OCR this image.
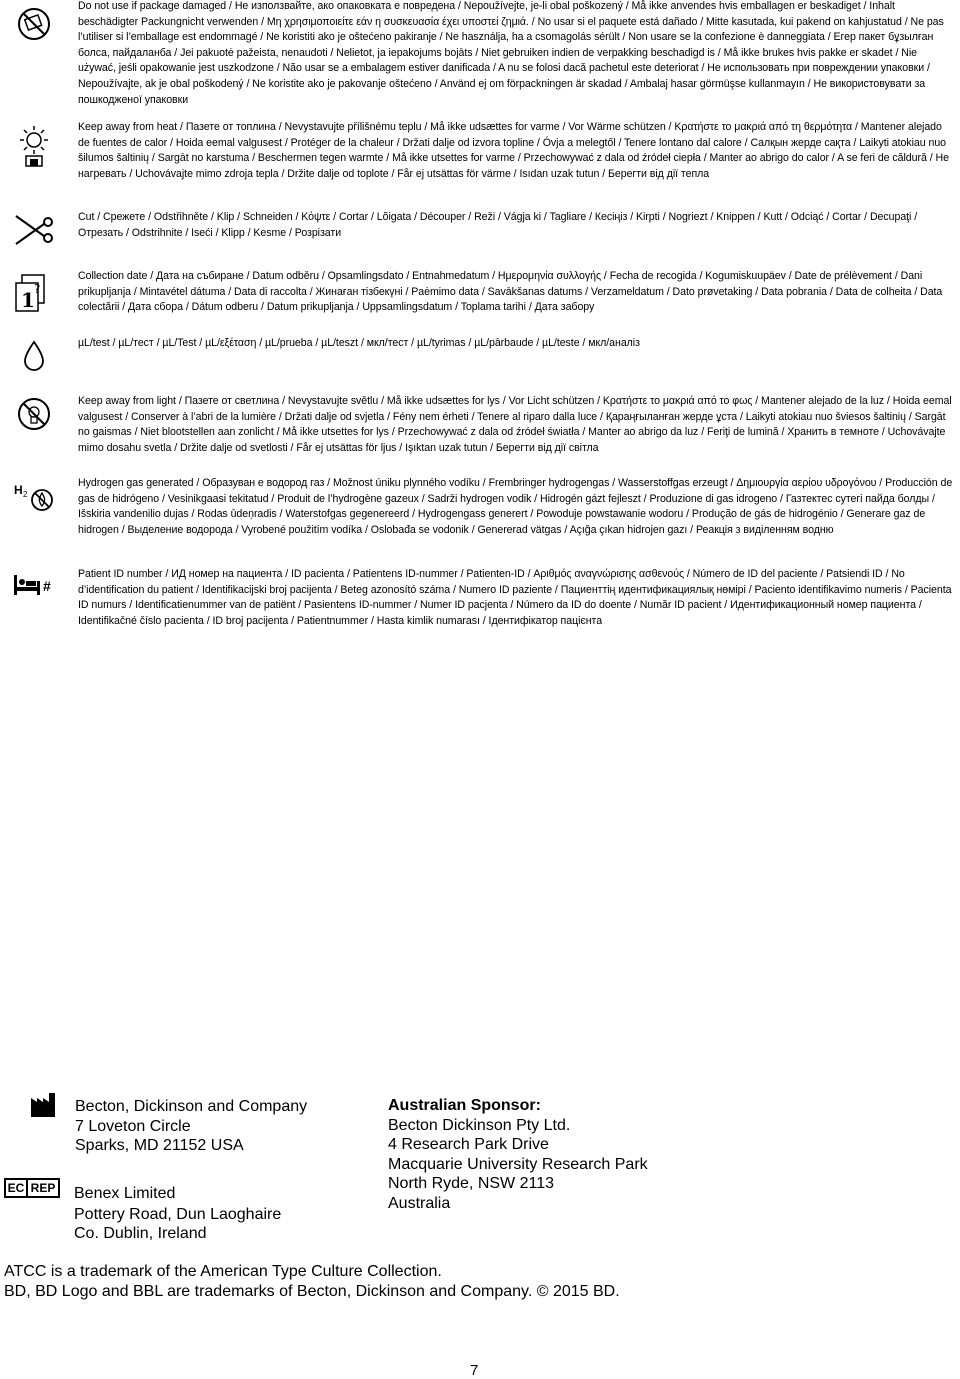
Do not use if package damaged / Не използвайте, ако опаковката е повредена / Nepoužívejte, je-li obal poškozený / Må ikke anvendes hvis emballagen er beskadiget / Inhalt beschädigter Packungnicht verwenden / Μη χρησιμοποιείτε εάν η συσκευασία έχει υποστεί ζημιά. / No usar si el paquete está dañado / Mitte kasutada, kui pakend on kahjustatud / Ne pas l’utiliser si l’emballage est endommagé / Ne koristiti ako je oštećeno pakiranje / Ne használja, ha a csomagolás sérült / Non usare se la confezione è danneggiata / Егер пакет бұзылған болса, пайдаланба / Jei pakuotė pažeista, nenaudoti / Nelietot, ja iepakojums bojāts / Niet gebruiken indien de verpakking beschadigd is / Må ikke brukes hvis pakke er skadet / Nie używać, jeśli opakowanie jest uszkodzone / Não usar se a embalagem estiver danificada / A nu se folosi dacă pachetul este deteriorat / Не использовать при повреждении упаковки / Nepoužívajte, ak je obal poškodený / Ne koristite ako je pakovanje oštećeno / Använd ej om förpackningen är skadad / Ambalaj hasar görmüşse kullanmayın / Не використовувати за пошкодженої упаковки
Keep away from heat / Пазете от топлина / Nevystavujte přílišnému teplu / Må ikke udsættes for varme / Vor Wärme schützen / Κρατήστε το μακριά από τη θερμότητα / Mantener alejado de fuentes de calor / Hoida eemal valgusest / Protéger de la chaleur / Držati dalje od izvora topline / Óvja a melegtől / Tenere lontano dal calore / Салқын жерде сақта / Laikyti atokiau nuo šilumos šaltinių / Sargāt no karstuma / Beschermen tegen warmte / Må ikke utsettes for varme / Przechowywać z dala od źródeł ciepła / Manter ao abrigo do calor / A se feri de căldură / Не нагревать / Uchovávajte mimo zdroja tepla / Držite dalje od toplote / Får ej utsättas för värme / Isıdan uzak tutun / Берегти від дії тепла
Cut / Срежете / Odstřihněte / Klip / Schneiden / Κόψτε / Cortar / Lõigata / Découper / Reži / Vágja ki / Tagliare / Кесіңіз / Kirpti / Nogriezt / Knippen / Kutt / Odciąć / Cortar / Decupaţi / Отрезать / Odstrihnite / Iseći / Klipp / Kesme / Розрізати
1 ?
Collection date / Дата на събиране / Datum odběru / Opsamlingsdato / Entnahmedatum / Ημερομηνία συλλογής / Fecha de recogida / Kogumiskuupäev / Date de prélèvement / Dani prikupljanja / Mintavétel dátuma / Data di raccolta / Жинаған тізбекүні / Paėmimo data / Savākšanas datums / Verzameldatum / Dato prøvetaking / Data pobrania / Data de colheita / Data colectării / Дата сбора / Dátum odberu / Datum prikupljanja / Uppsamlingsdatum / Toplama tarihi / Дата забору
µL/test / µL/тест / µL/Test / µL/εξέταση / µL/prueba / µL/teszt / мкл/тест / µL/tyrimas / µL/pārbaude / µL/teste / мкл/аналіз
Keep away from light / Пазете от светлина / Nevystavujte světlu / Må ikke udsættes for lys / Vor Licht schützen / Κρατήστε το μακριά από το φως / Mantener alejado de la luz / Hoida eemal valgusest / Conserver à l’abri de la lumière / Držati dalje od svjetla / Fény nem érheti / Tenere al riparo dalla luce / Қараңғыланған жерде ұста / Laikyti atokiau nuo šviesos šaltinių / Sargāt no gaismas / Niet blootstellen aan zonlicht / Må ikke utsettes for lys / Przechowywać z dala od źródeł światła / Manter ao abrigo da luz / Feriţi de lumină / Хранить в темноте / Uchovávajte mimo dosahu svetla / Držite dalje od svetlosti / Får ej utsättas för ljus / Işıktan uzak tutun / Берегти від дії світла
H 2
Hydrogen gas generated / Образуван е водород газ / Možnost úniku plynného vodíku / Frembringer hydrogengas / Wasserstoffgas erzeugt / Δημιουργία αερίου υδρογόνου / Producción de gas de hidrógeno / Vesinikgaasi tekitatud / Produit de l’hydrogène gazeux / Sadrži hydrogen vodik / Hidrogén gázt fejleszt / Produzione di gas idrogeno / Газтектес сутегі пайда болды / Išskiria vandenilio dujas / Rodas ūdeņradis / Waterstofgas gegenereerd / Hydrogengass generert / Powoduje powstawanie wodoru / Produção de gás de hidrogénio / Generare gaz de hidrogen / Выделение водорода / Vyrobené použitím vodíka / Oslobađa se vodonik / Genererad vätgas / Açığa çıkan hidrojen gazı / Реакція з виділенням водню
#
Patient ID number / ИД номер на пациента / ID pacienta / Patientens ID-nummer / Patienten-ID / Αριθμός αναγνώρισης ασθενούς / Número de ID del paciente / Patsiendi ID / No d’identification du patient / Identifikacijski broj pacijenta / Beteg azonosító száma / Numero ID paziente / Пациенттің идентификациялық нөмірі / Paciento identifikavimo numeris / Pacienta ID numurs / Identificatienummer van de patiënt / Pasientens ID-nummer / Numer ID pacjenta / Número da ID do doente / Număr ID pacient / Идентификационный номер пациента / Identifikačné číslo pacienta / ID broj pacijenta / Patientnummer / Hasta kimlik numarası / Ідентифікатор пацієнта
Becton, Dickinson and Company
7 Loveton Circle
Sparks, MD 21152 USA
EC REP Benex Limited
Pottery Road, Dun Laoghaire
Co. Dublin, Ireland
Australian Sponsor:
Becton Dickinson Pty Ltd.
4 Research Park Drive
Macquarie University Research Park
North Ryde, NSW 2113
Australia
ATCC is a trademark of the American Type Culture Collection.
BD, BD Logo and BBL are trademarks of Becton, Dickinson and Company. © 2015 BD.
7
